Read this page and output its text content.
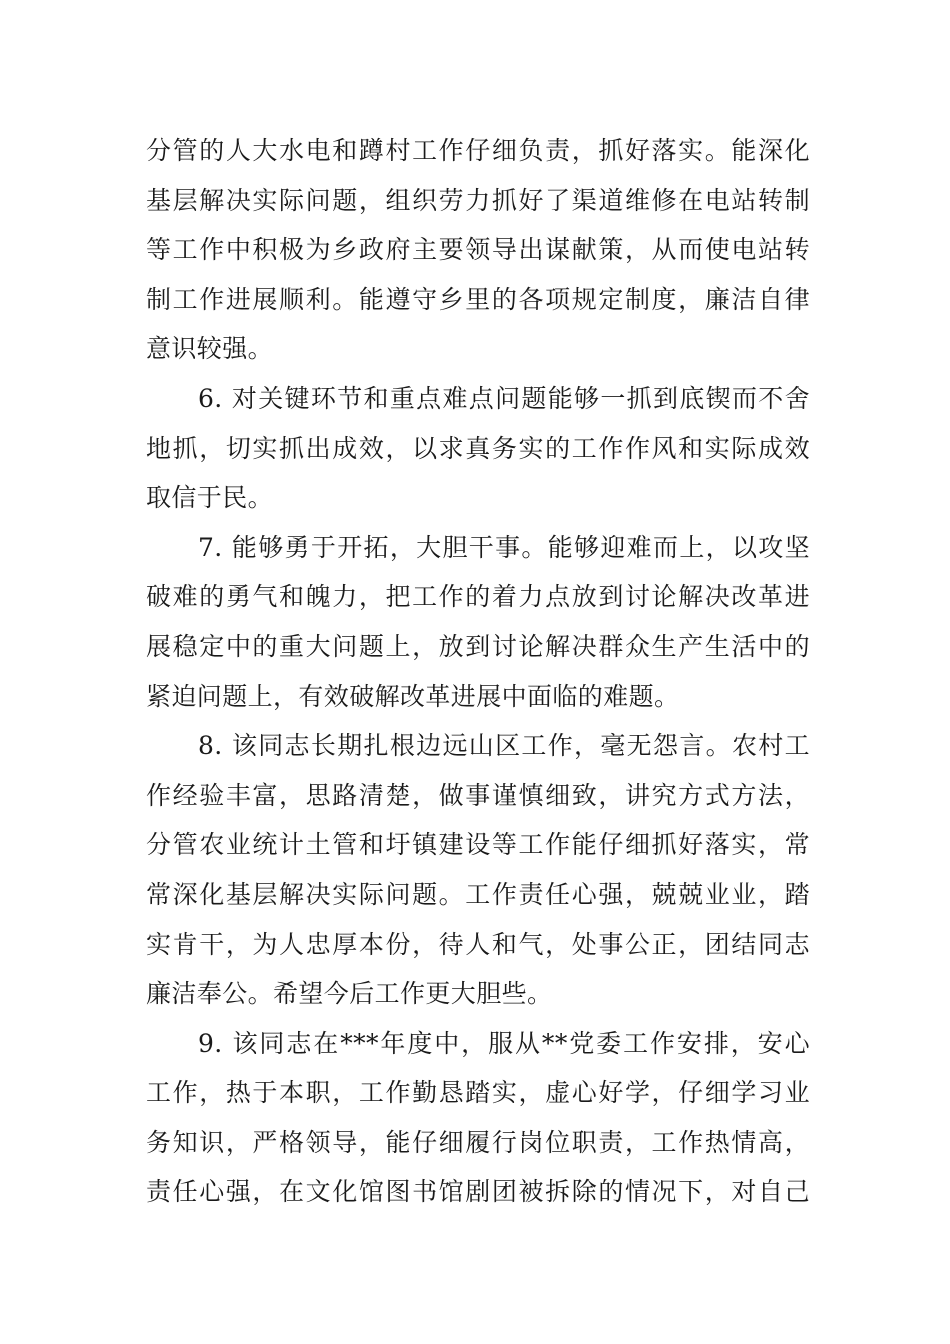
分管的人大水电和蹲村工作仔细负责，抓好落实。能深化
基层解决实际问题，组织劳力抓好了渠道维修在电站转制
等工作中积极为乡政府主要领导出谋献策，从而使电站转
制工作进展顺利。能遵守乡里的各项规定制度，廉洁自律
意识较强。
6. 对关键环节和重点难点问题能够一抓到底锲而不舍
地抓，切实抓出成效，以求真务实的工作作风和实际成效
取信于民。
7. 能够勇于开拓，大胆干事。能够迎难而上，以攻坚
破难的勇气和魄力，把工作的着力点放到讨论解决改革进
展稳定中的重大问题上，放到讨论解决群众生产生活中的
紧迫问题上，有效破解改革进展中面临的难题。
8. 该同志长期扎根边远山区工作，毫无怨言。农村工
作经验丰富，思路清楚，做事谨慎细致，讲究方式方法，
分管农业统计土管和圩镇建设等工作能仔细抓好落实，常
常深化基层解决实际问题。工作责任心强，兢兢业业，踏
实肯干，为人忠厚本份，待人和气，处事公正，团结同志
廉洁奉公。希望今后工作更大胆些。
9. 该同志在***年度中，服从**党委工作安排，安心
工作，热于本职，工作勤恳踏实，虚心好学，仔细学习业
务知识，严格领导，能仔细履行岗位职责，工作热情高，
责任心强，在文化馆图书馆剧团被拆除的情况下，对自己
